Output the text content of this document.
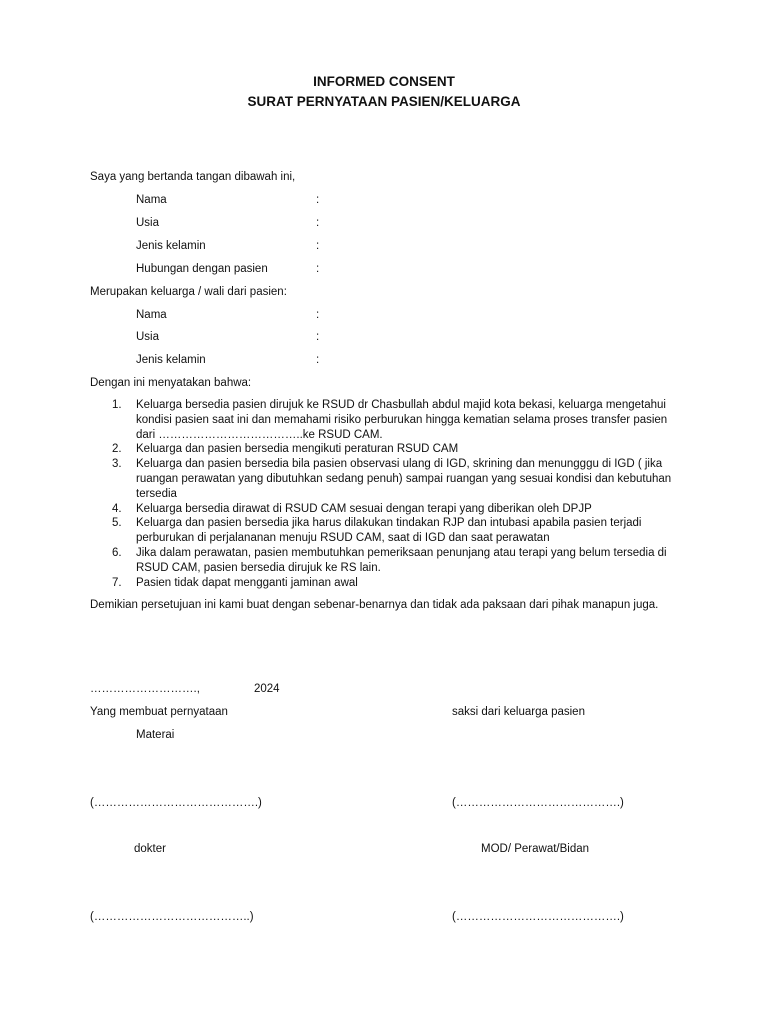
INFORMED CONSENT
SURAT PERNYATAAN PASIEN/KELUARGA
Saya yang bertanda tangan dibawah ini,
Nama	:
Usia	:
Jenis kelamin	:
Hubungan dengan pasien	:
Merupakan keluarga / wali dari pasien:
Nama	:
Usia	:
Jenis kelamin	:
Dengan ini menyatakan bahwa:
1. Keluarga bersedia pasien dirujuk ke RSUD dr Chasbullah abdul majid kota bekasi, keluarga mengetahui kondisi pasien saat ini dan memahami risiko perburukan hingga kematian selama proses transfer pasien dari ………………………………..ke RSUD CAM.
2. Keluarga dan pasien bersedia mengikuti peraturan RSUD CAM
3. Keluarga dan pasien bersedia bila pasien observasi ulang di IGD, skrining dan menungggu di IGD ( jika ruangan perawatan yang dibutuhkan sedang penuh) sampai ruangan yang sesuai kondisi dan kebutuhan tersedia
4. Keluarga bersedia dirawat di RSUD CAM sesuai dengan terapi yang diberikan oleh DPJP
5. Keluarga dan pasien bersedia jika harus dilakukan tindakan RJP dan intubasi apabila pasien terjadi perburukan di perjalananan menuju RSUD CAM, saat di IGD dan saat perawatan
6. Jika dalam perawatan, pasien membutuhkan pemeriksaan penunjang atau terapi yang belum tersedia di RSUD CAM, pasien bersedia dirujuk ke RS lain.
7. Pasien tidak dapat mengganti jaminan awal
Demikian persetujuan ini kami buat dengan sebenar-benarnya dan tidak ada paksaan dari pihak manapun juga.
……………………….,	2024
Yang membuat pernyataan	saksi dari keluarga pasien
Materai
(…………………………………….)	(…………………………………….)
dokter	MOD/ Perawat/Bidan
(…………………………………..)	(…………………………………….)
